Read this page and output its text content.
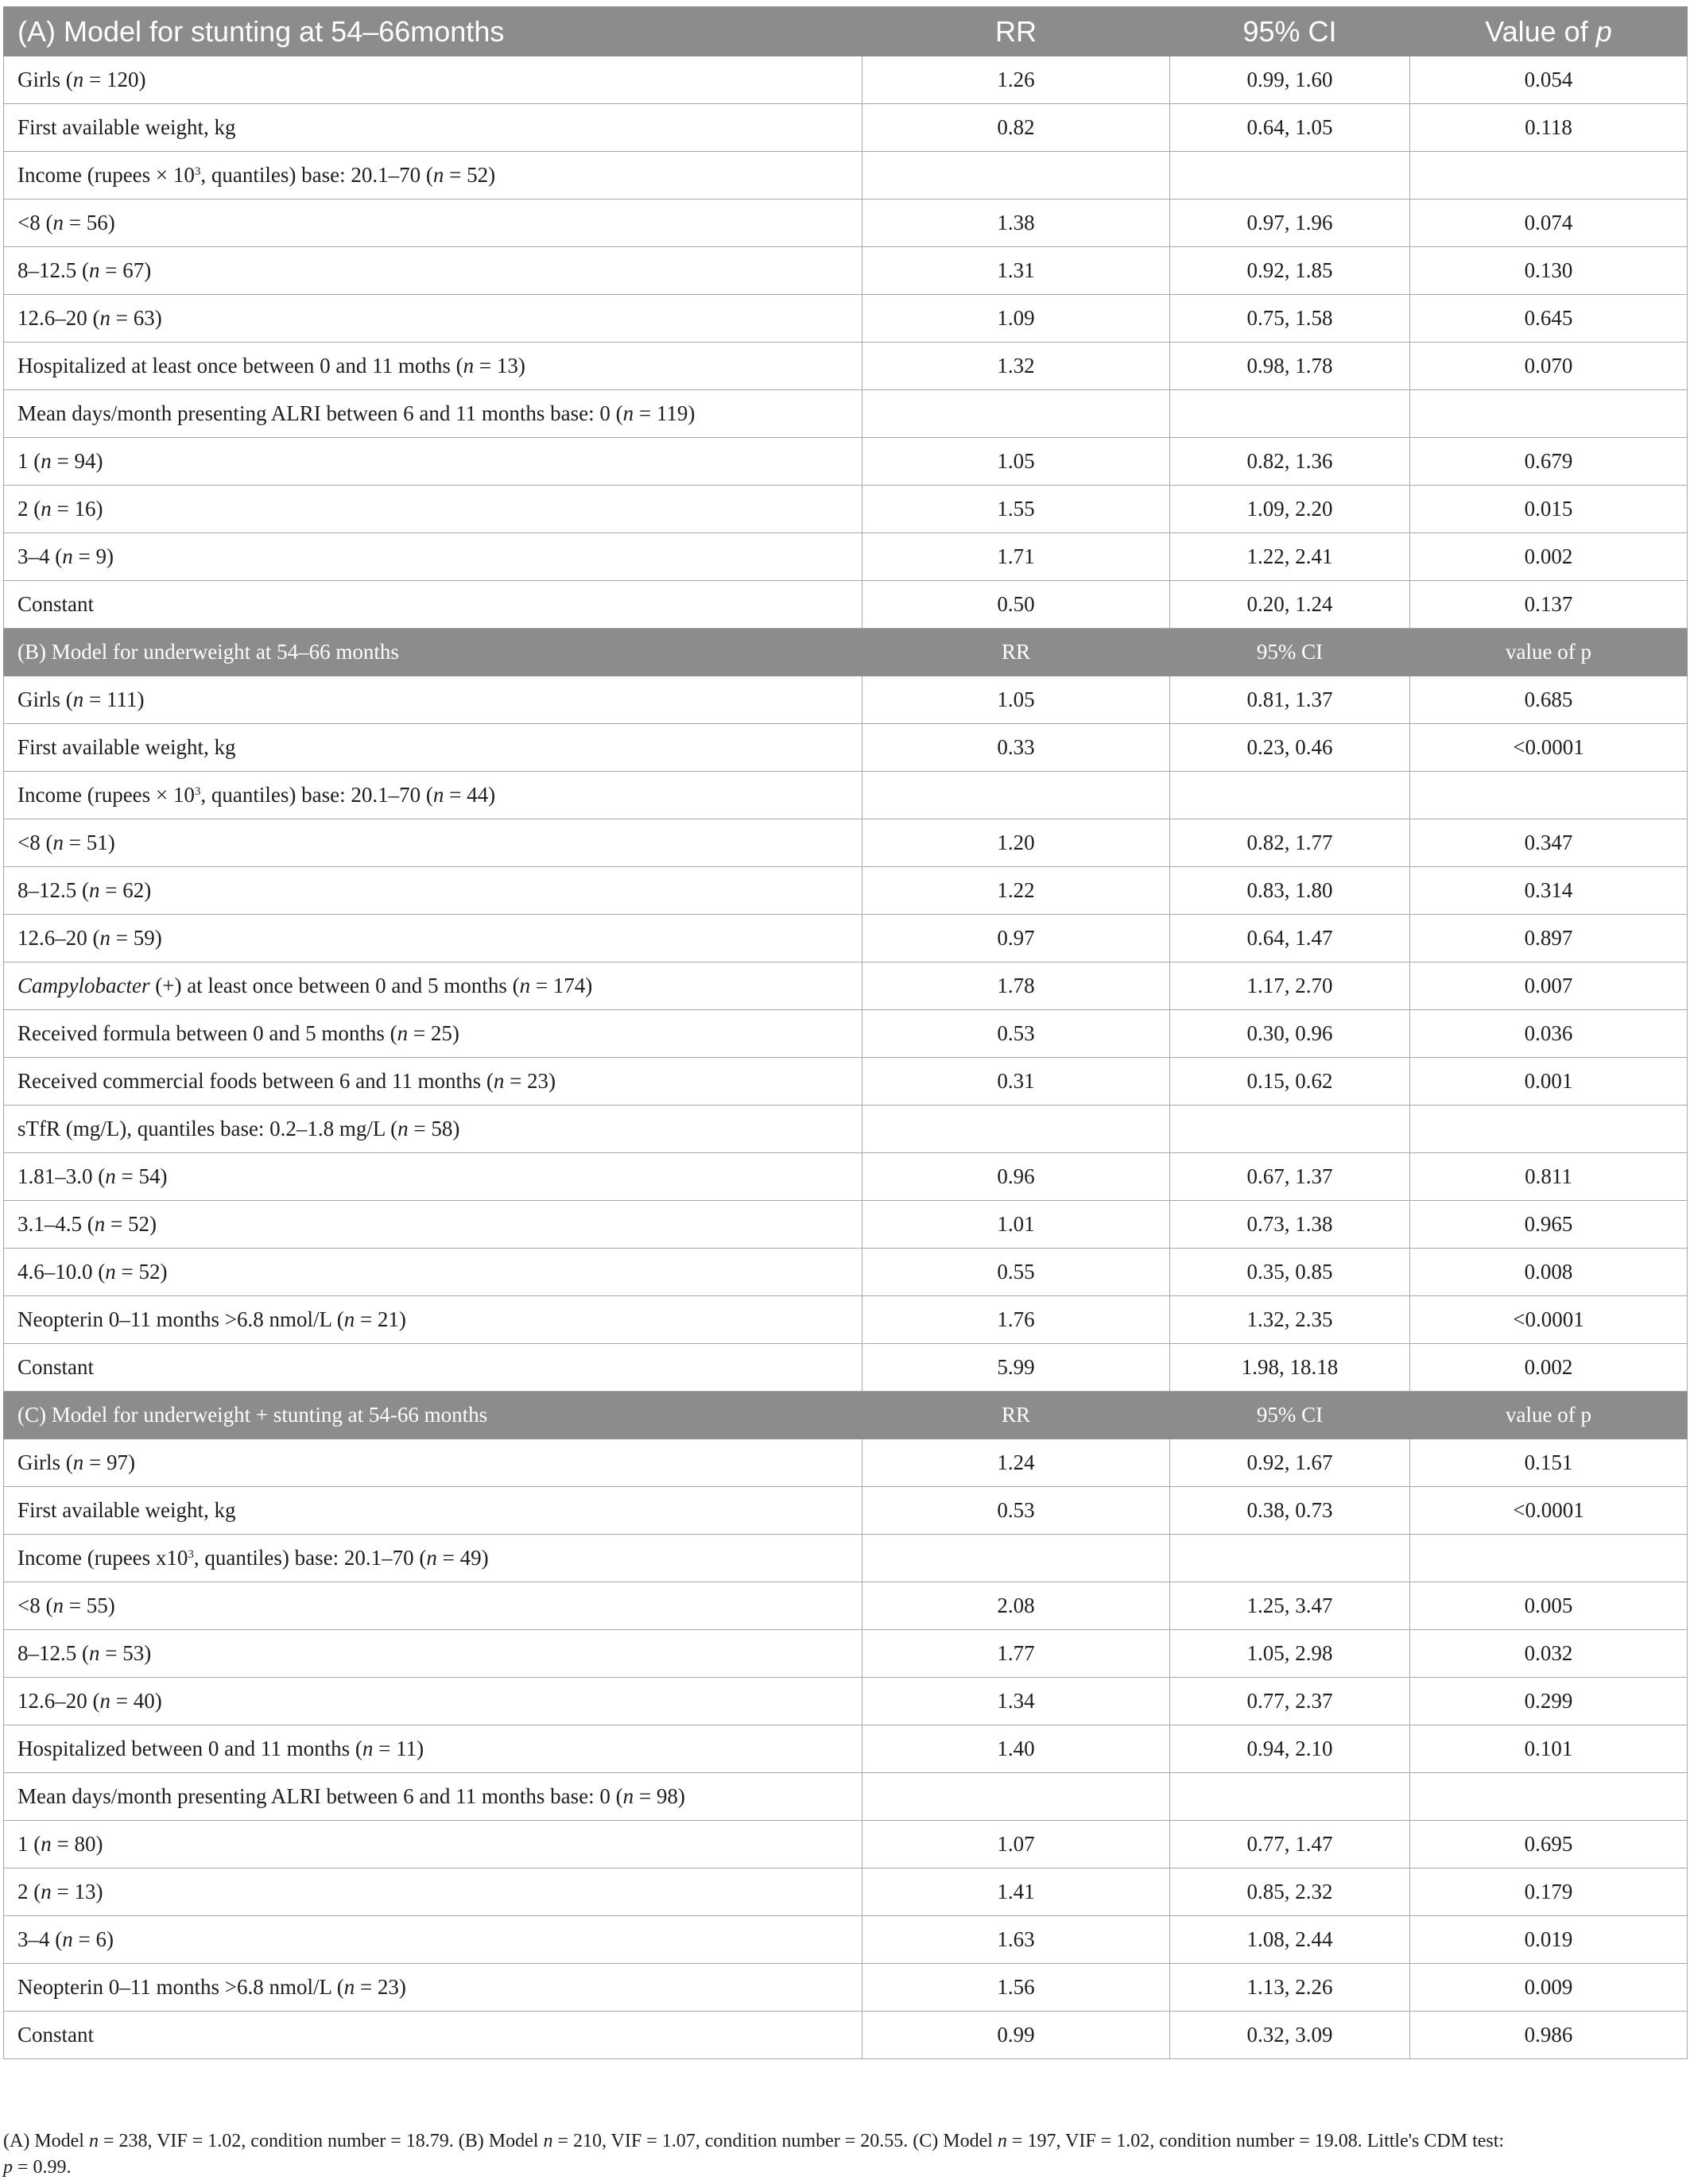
(A) Model for stunting at 54–66months	RR	95% CI	Value of p
Girls (n = 120)	1.26	0.99, 1.60	0.054
First available weight, kg	0.82	0.64, 1.05	0.118
Income (rupees × $10^3$, quantiles) base: 20.1–70 (n = 52)			
<8 (n = 56)	1.38	0.97, 1.96	0.074
8–12.5 (n = 67)	1.31	0.92, 1.85	0.130
12.6–20 (n = 63)	1.09	0.75, 1.58	0.645
Hospitalized at least once between 0 and 11 moths (n = 13)	1.32	0.98, 1.78	0.070
Mean days/month presenting ALRI between 6 and 11 months base: 0 (n = 119)			
1 (n = 94)	1.05	0.82, 1.36	0.679
2 (n = 16)	1.55	1.09, 2.20	0.015
3–4 (n = 9)	1.71	1.22, 2.41	0.002
Constant	0.50	0.20, 1.24	0.137
(B) Model for underweight at 54–66 months	RR	95% CI	value of p
Girls (n = 111)	1.05	0.81, 1.37	0.685
First available weight, kg	0.33	0.23, 0.46	<0.0001
Income (rupees × $10^3$, quantiles) base: 20.1–70 (n = 44)			
<8 (n = 51)	1.20	0.82, 1.77	0.347
8–12.5 (n = 62)	1.22	0.83, 1.80	0.314
12.6–20 (n = 59)	0.97	0.64, 1.47	0.897
Campylobacter (+) at least once between 0 and 5 months (n = 174)	1.78	1.17, 2.70	0.007
Received formula between 0 and 5 months (n = 25)	0.53	0.30, 0.96	0.036
Received commercial foods between 6 and 11 months (n = 23)	0.31	0.15, 0.62	0.001
sTfR (mg/L), quantiles base: 0.2–1.8 mg/L (n = 58)			
1.81–3.0 (n = 54)	0.96	0.67, 1.37	0.811
3.1–4.5 (n = 52)	1.01	0.73, 1.38	0.965
4.6–10.0 (n = 52)	0.55	0.35, 0.85	0.008
Neopterin 0–11 months >6.8 nmol/L (n = 21)	1.76	1.32, 2.35	<0.0001
Constant	5.99	1.98, 18.18	0.002
(C) Model for underweight + stunting at 54-66 months	RR	95% CI	value of p
Girls (n = 97)	1.24	0.92, 1.67	0.151
First available weight, kg	0.53	0.38, 0.73	<0.0001
Income (rupees $x10^3$, quantiles) base: 20.1–70 (n = 49)			
<8 (n = 55)	2.08	1.25, 3.47	0.005
8–12.5 (n = 53)	1.77	1.05, 2.98	0.032
12.6–20 (n = 40)	1.34	0.77, 2.37	0.299
Hospitalized between 0 and 11 months (n = 11)	1.40	0.94, 2.10	0.101
Mean days/month presenting ALRI between 6 and 11 months base: 0 (n = 98)			
1 (n = 80)	1.07	0.77, 1.47	0.695
2 (n = 13)	1.41	0.85, 2.32	0.179
3–4 (n = 6)	1.63	1.08, 2.44	0.019
Neopterin 0–11 months >6.8 nmol/L (n = 23)	1.56	1.13, 2.26	0.009
Constant	0.99	0.32, 3.09	0.986

(A) Model n = 238, VIF = 1.02, condition number = 18.79. (B) Model n = 210, VIF = 1.07, condition number = 20.55. (C) Model n = 197, VIF = 1.02, condition number = 19.08. Little's CDM test:

p = 0.99.
